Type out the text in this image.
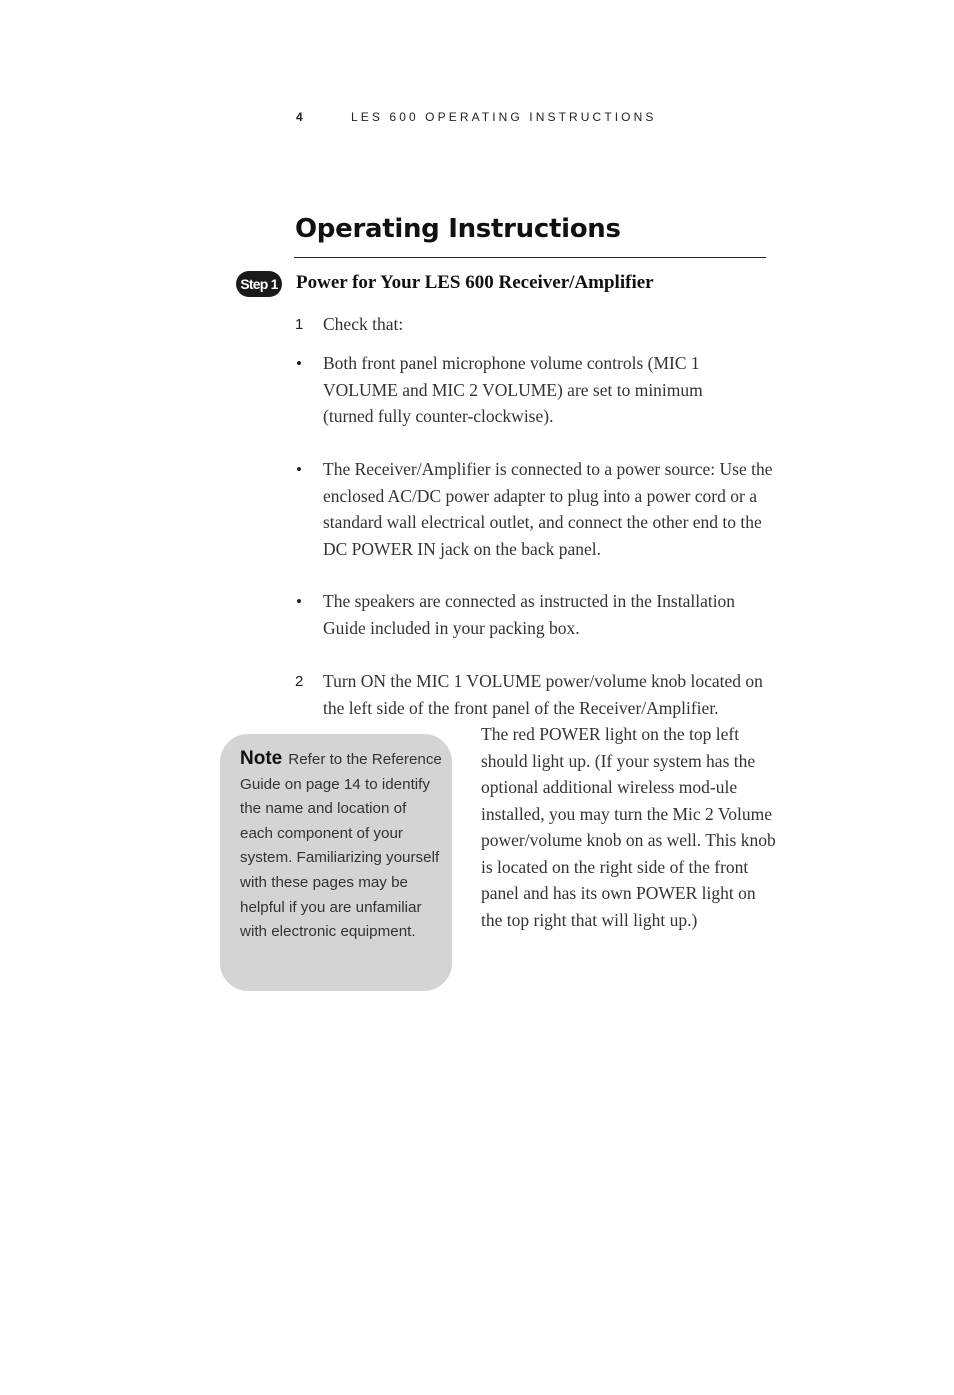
4	LES 600 OPERATING INSTRUCTIONS
Operating Instructions
Step 1 Power for Your LES 600 Receiver/Amplifier
1 Check that:

• Both front panel microphone volume controls (MIC 1 VOLUME and MIC 2 VOLUME) are set to minimum (turned fully counter-clockwise).

• The Receiver/Amplifier is connected to a power source: Use the enclosed AC/DC power adapter to plug into a power cord or a standard wall electrical outlet, and connect the other end to the DC POWER IN jack on the back panel.

• The speakers are connected as instructed in the Installation Guide included in your packing box.

2 Turn ON the MIC 1 VOLUME power/volume knob located on the left side of the front panel of the Receiver/Amplifier.

Note Refer to the Reference Guide on page 14 to identify the name and location of each component of your system. Familiarizing yourself with these pages may be helpful if you are unfamiliar with electronic equipment.

The red POWER light on the top left should light up. (If your system has the optional additional wireless mod-ule installed, you may turn the Mic 2 Volume power/volume knob on as well. This knob is located on the right side of the front panel and has its own POWER light on the top right that will light up.)
